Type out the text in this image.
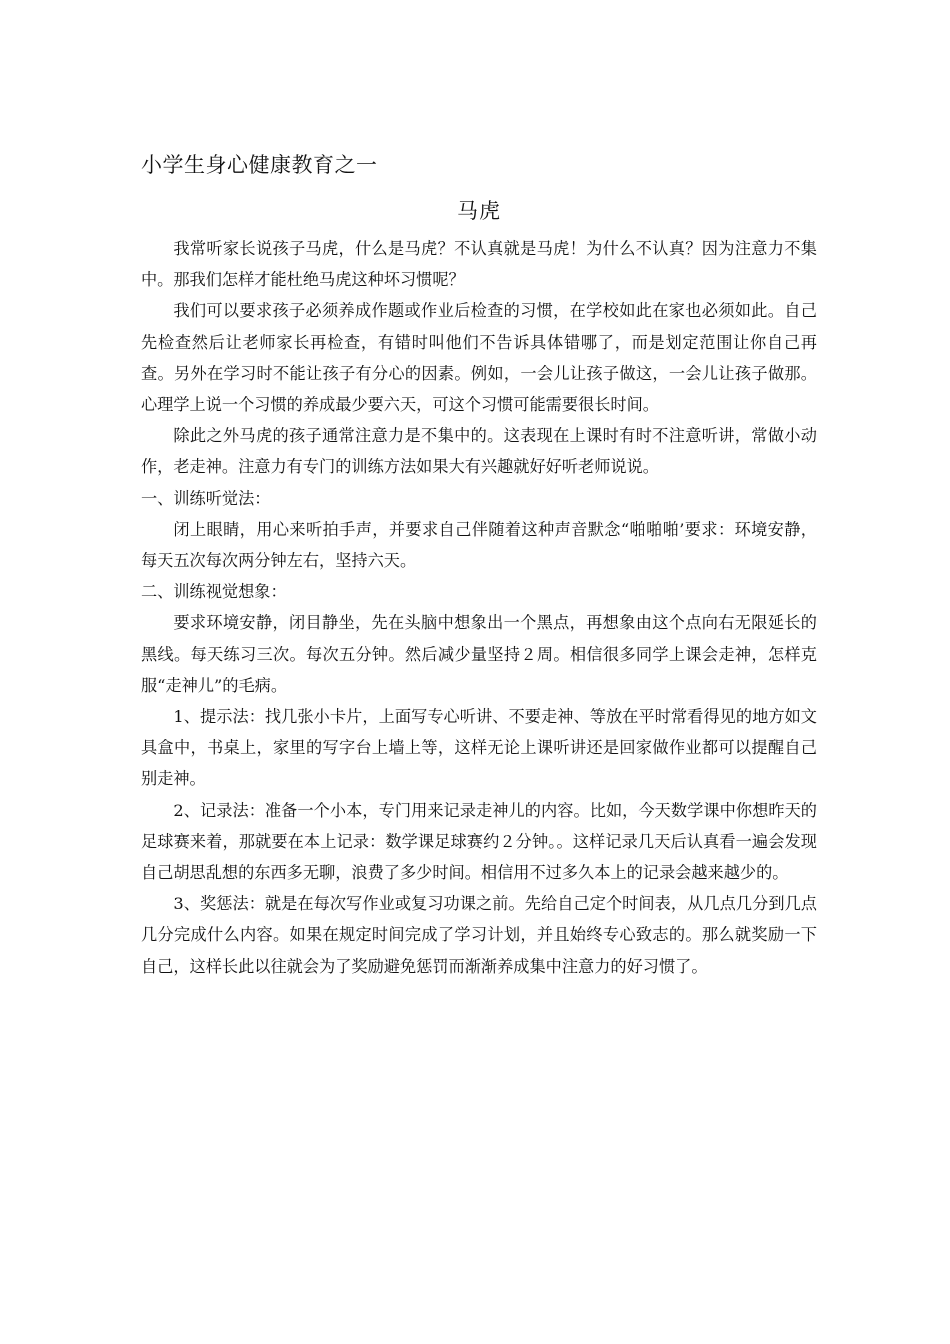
小学生身心健康教育之一
马虎

我常听家长说孩子马虎，什么是马虎？不认真就是马虎！为什么不认真？因为注意力不集中。那我们怎样才能杜绝马虎这种坏习惯呢？

我们可以要求孩子必须养成作题或作业后检查的习惯，在学校如此在家也必须如此。自己先检查然后让老师家长再检查，有错时叫他们不告诉具体错哪了，而是划定范围让你自己再查。另外在学习时不能让孩子有分心的因素。例如，一会儿让孩子做这，一会儿让孩子做那。心理学上说一个习惯的养成最少要六天，可这个习惯可能需要很长时间。

除此之外马虎的孩子通常注意力是不集中的。这表现在上课时有时不注意听讲，常做小动作，老走神。注意力有专门的训练方法如果大有兴趣就好好听老师说说。

一、训练听觉法：

闭上眼睛，用心来听拍手声，并要求自己伴随着这种声音默念“啪啪啪’要求：环境安静，每天五次每次两分钟左右，坚持六天。

二、训练视觉想象：

要求环境安静，闭目静坐，先在头脑中想象出一个黑点，再想象由这个点向右无限延长的黑线。每天练习三次。每次五分钟。然后减少量坚持２周。相信很多同学上课会走神，怎样克服“走神儿”的毛病。

1、提示法：找几张小卡片，上面写专心听讲、不要走神、等放在平时常看得见的地方如文具盒中，书桌上，家里的写字台上墙上等，这样无论上课听讲还是回家做作业都可以提醒自己别走神。

2、记录法：准备一个小本，专门用来记录走神儿的内容。比如，今天数学课中你想昨天的足球赛来着，那就要在本上记录：数学课足球赛约２分钟。。这样记录几天后认真看一遍会发现自己胡思乱想的东西多无聊，浪费了多少时间。相信用不过多久本上的记录会越来越少的。

3、奖惩法：就是在每次写作业或复习功课之前。先给自己定个时间表，从几点几分到几点几分完成什么内容。如果在规定时间完成了学习计划，并且始终专心致志的。那么就奖励一下自己，这样长此以往就会为了奖励避免惩罚而渐渐养成集中注意力的好习惯了。
